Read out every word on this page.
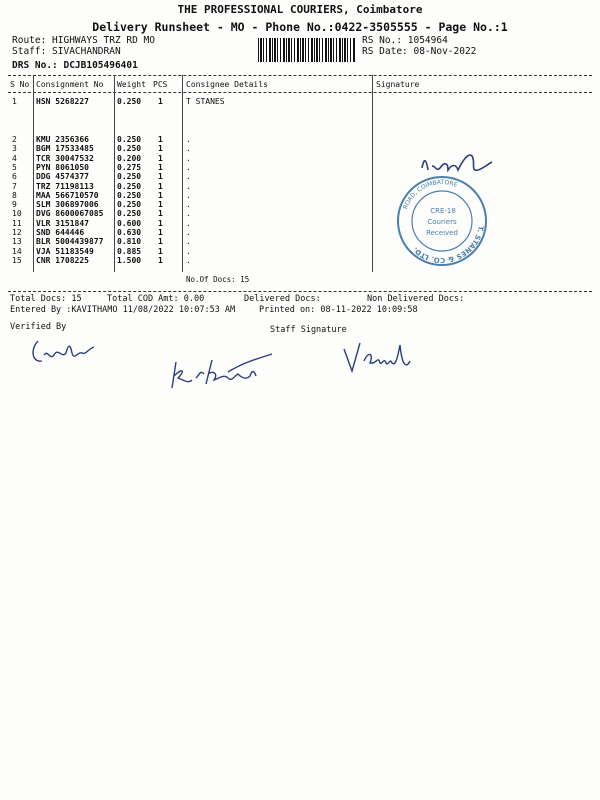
THE PROFESSIONAL COURIERS, Coimbatore
Delivery Runsheet - MO - Phone No.:0422-3505555 - Page No.:1
Route: HIGHWAYS TRZ RD MO
Staff: SIVACHANDRAN
DRS No.: DCJB105496401
RS No.: 1054964
RS Date: 08-Nov-2022
S No Consignment No Weight PCS Consignee Details	Signature
1 HSN 5268227	0.250 1	T STANES
2 KMU 2356366	0.250 1	.
3 BGM 17533485	0.250 1	.
4 TCR 30047532	0.200 1	.
5 PYN 8061050	0.275 1	.
6 DDG 4574377	0.250 1	.
7 TRZ 71198113	0.250 1	.
8 MAA 566710570 0.250 1	.
9 SLM 306897006 0.250 1	.
10 DVG 8600067085 0.250 1	.
11 VLR 3151847	0.600 1	.
12 SND 644446	0.630 1	.
13 BLR 5004439877 0.810 1	.
14 VJA 51183549	0.885 1	.
15 CNR 1708225	1.500 1	.
No.Of Docs: 15
T. STANES & CO. LTD.
ROAD, COIMBATORE
CRE-18
Couriers
Received
Total Docs: 15	Total COD Amt: 0.00	Delivered Docs:	Non Delivered Docs:
Entered By :KAVITHAMO 11/08/2022 10:07:53 AM	Printed on: 08-11-2022 10:09:58
Verified By	Staff Signature
